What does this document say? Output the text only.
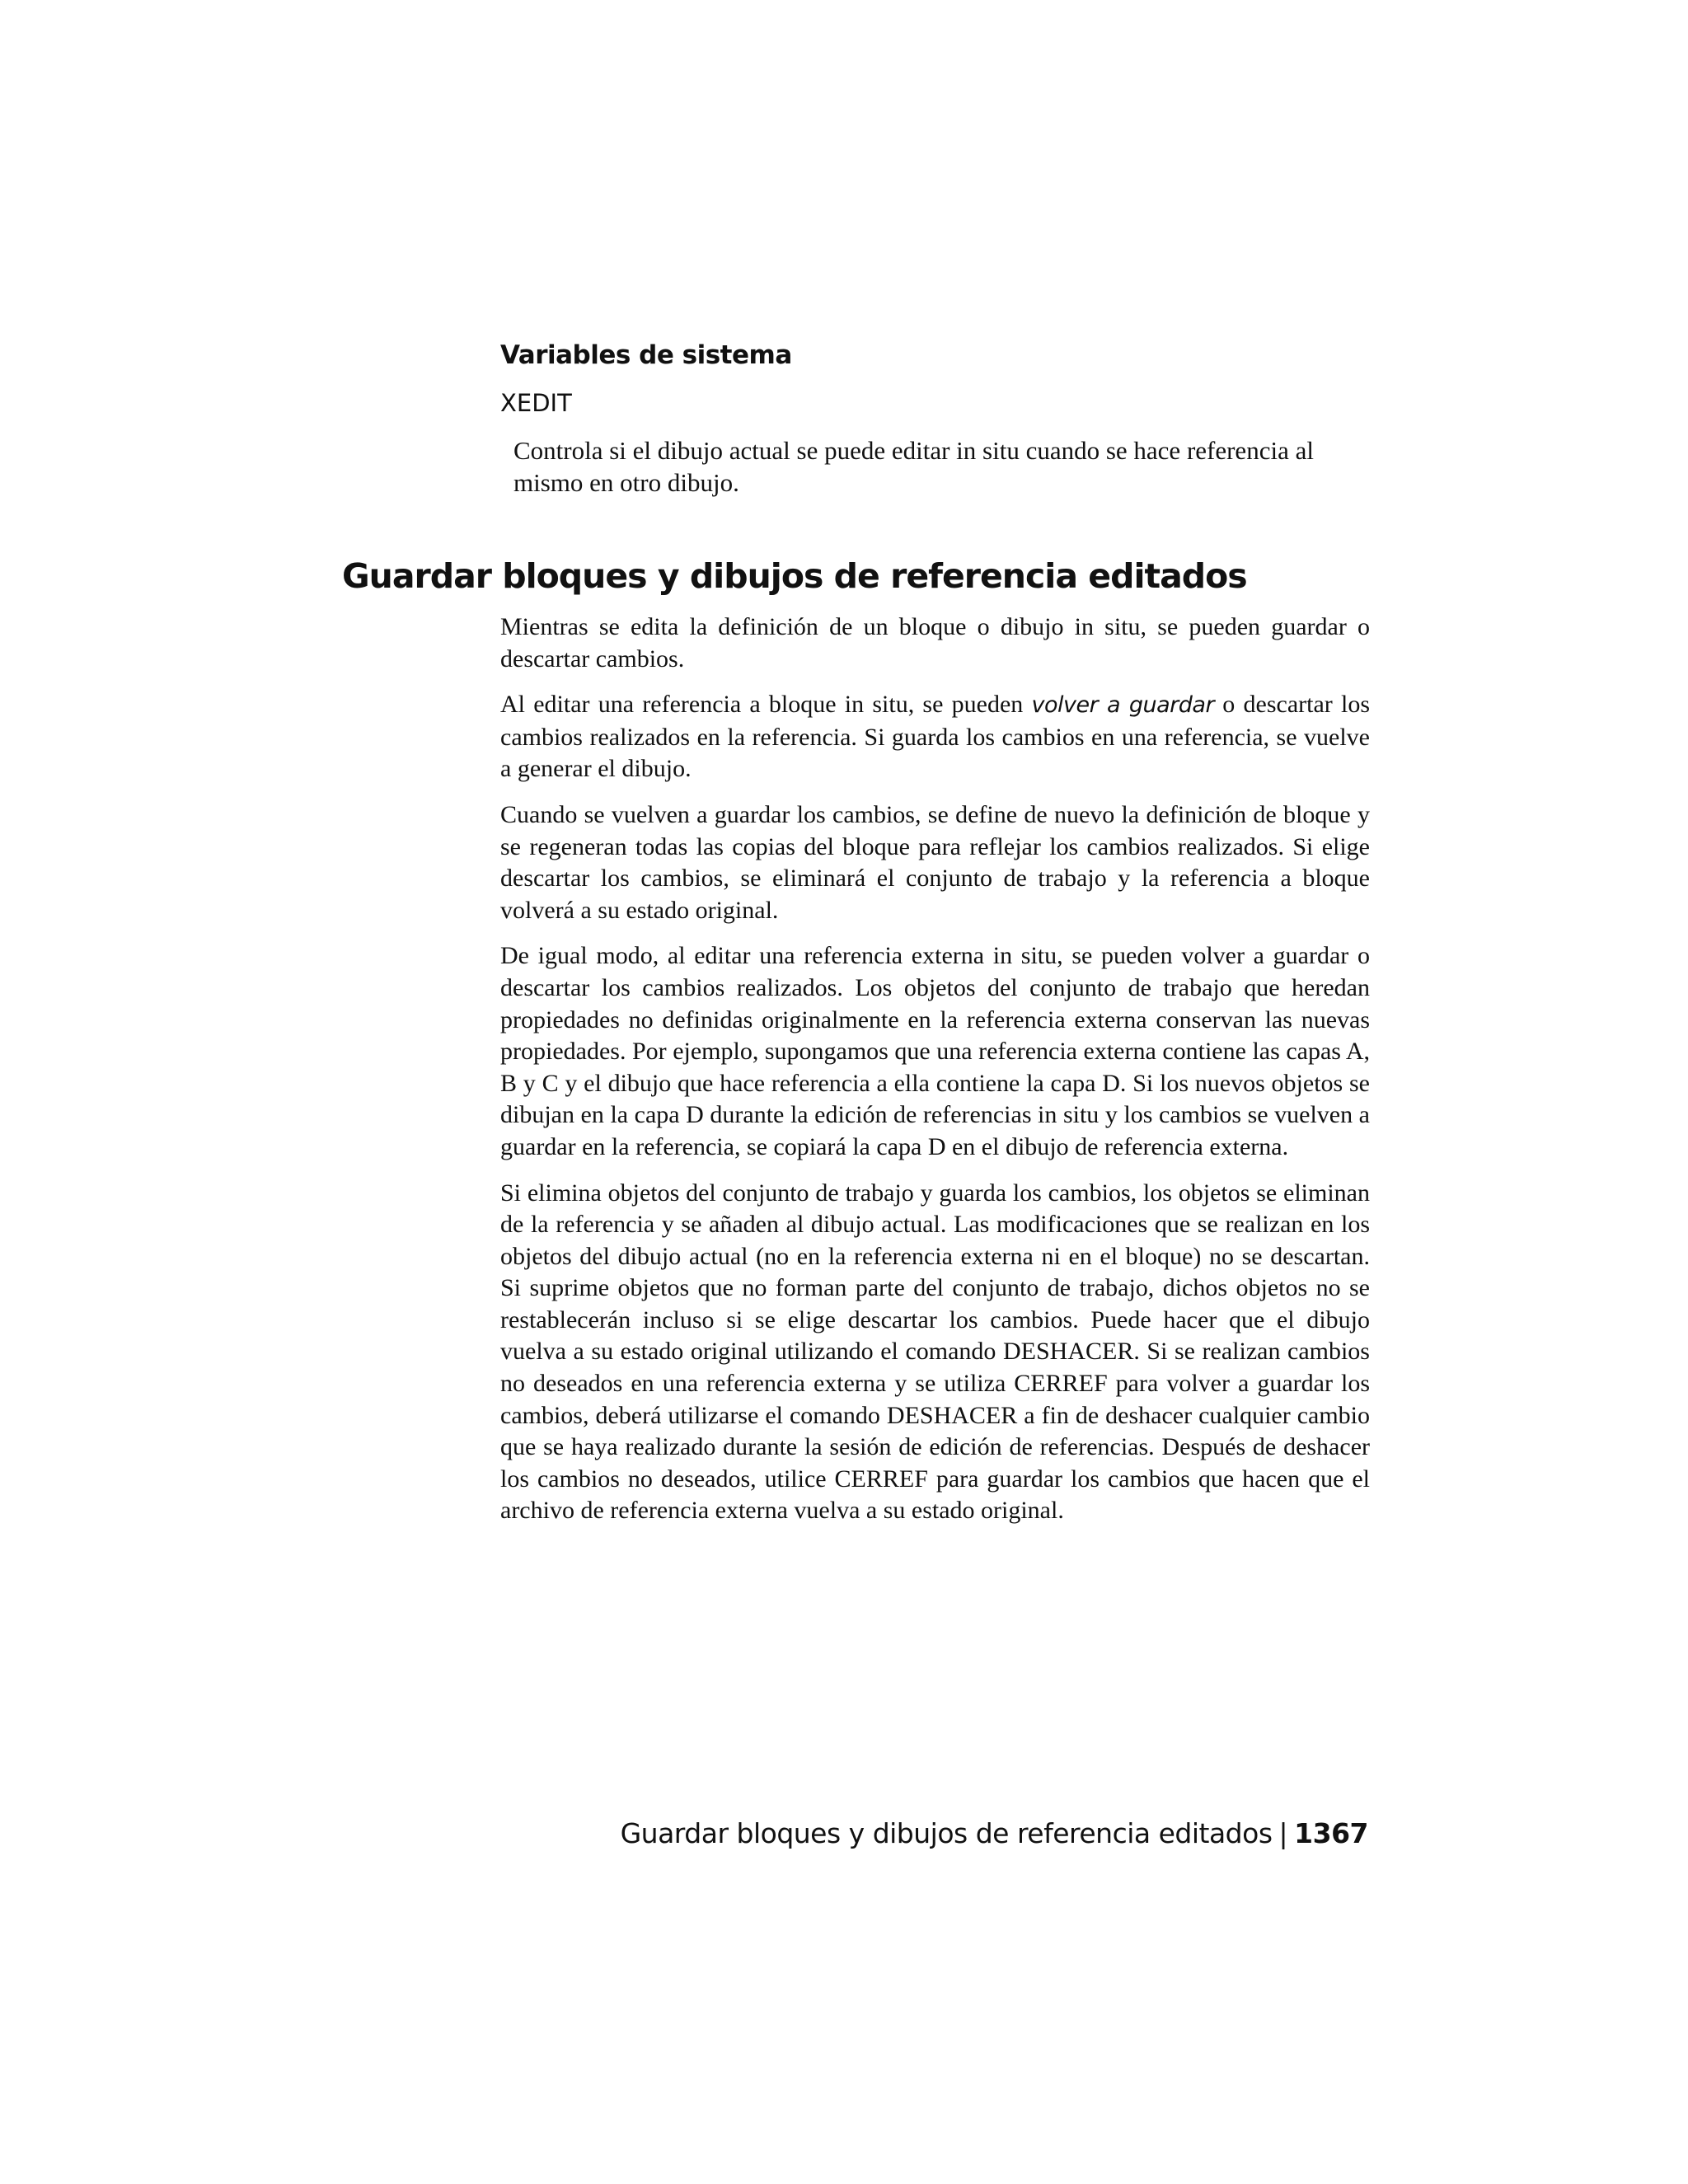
Variables de sistema

XEDIT

Controla si el dibujo actual se puede editar in situ cuando se hace referencia al mismo en otro dibujo.

Guardar bloques y dibujos de referencia editados

Mientras se edita la definición de un bloque o dibujo in situ, se pueden guardar o descartar cambios.

Al editar una referencia a bloque in situ, se pueden volver a guardar o descartar los cambios realizados en la referencia. Si guarda los cambios en una referencia, se vuelve a generar el dibujo.

Cuando se vuelven a guardar los cambios, se define de nuevo la definición de bloque y se regeneran todas las copias del bloque para reflejar los cambios realizados. Si elige descartar los cambios, se eliminará el conjunto de trabajo y la referencia a bloque volverá a su estado original.

De igual modo, al editar una referencia externa in situ, se pueden volver a guardar o descartar los cambios realizados. Los objetos del conjunto de trabajo que heredan propiedades no definidas originalmente en la referencia externa conservan las nuevas propiedades. Por ejemplo, supongamos que una referencia externa contiene las capas A, B y C y el dibujo que hace referencia a ella contiene la capa D. Si los nuevos objetos se dibujan en la capa D durante la edición de referencias in situ y los cambios se vuelven a guardar en la referencia, se copiará la capa D en el dibujo de referencia externa.

Si elimina objetos del conjunto de trabajo y guarda los cambios, los objetos se eliminan de la referencia y se añaden al dibujo actual. Las modificaciones que se realizan en los objetos del dibujo actual (no en la referencia externa ni en el bloque) no se descartan. Si suprime objetos que no forman parte del conjunto de trabajo, dichos objetos no se restablecerán incluso si se elige descartar los cambios. Puede hacer que el dibujo vuelva a su estado original utilizando el comando DESHACER. Si se realizan cambios no deseados en una referencia externa y se utiliza CERREF para volver a guardar los cambios, deberá utilizarse el comando DESHACER a fin de deshacer cualquier cambio que se haya realizado durante la sesión de edición de referencias. Después de deshacer los cambios no deseados, utilice CERREF para guardar los cambios que hacen que el archivo de referencia externa vuelva a su estado original.

Guardar bloques y dibujos de referencia editados | 1367
